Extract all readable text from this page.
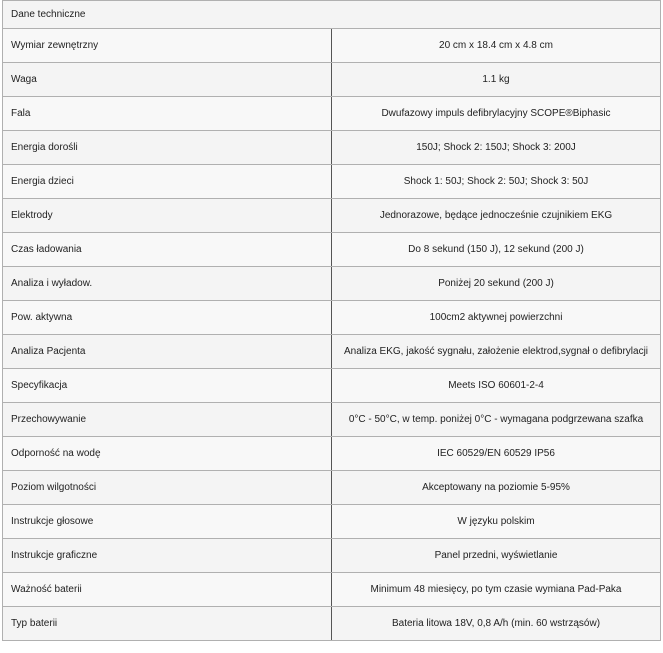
Dane techniczne	
Wymiar zewnętrzny	20 cm x 18.4 cm x 4.8 cm
Waga	1.1 kg
Fala	Dwufazowy impuls defibrylacyjny SCOPE®Biphasic
Energia dorośli	150J; Shock 2: 150J; Shock 3: 200J
Energia dzieci	Shock 1: 50J; Shock 2: 50J; Shock 3: 50J
Elektrody	Jednorazowe, będące jednocześnie czujnikiem EKG
Czas ładowania	Do 8 sekund (150 J), 12 sekund (200 J)
Analiza i wyładow.	Poniżej 20 sekund (200 J)
Pow. aktywna	100cm2 aktywnej powierzchni
Analiza Pacjenta	Analiza EKG, jakość sygnału, założenie elektrod,sygnał o defibrylacji
Specyfikacja	Meets ISO 60601-2-4
Przechowywanie	0°C - 50°C, w temp. poniżej 0°C - wymagana podgrzewana szafka
Odporność na wodę	IEC 60529/EN 60529 IP56
Poziom wilgotności	Akceptowany na poziomie 5-95%
Instrukcje głosowe	W języku polskim
Instrukcje graficzne	Panel przedni, wyświetlanie
Ważność baterii	Minimum 48 miesięcy, po tym czasie wymiana Pad-Paka
Typ baterii	Bateria litowa 18V, 0,8 A/h (min. 60 wstrząsów)
